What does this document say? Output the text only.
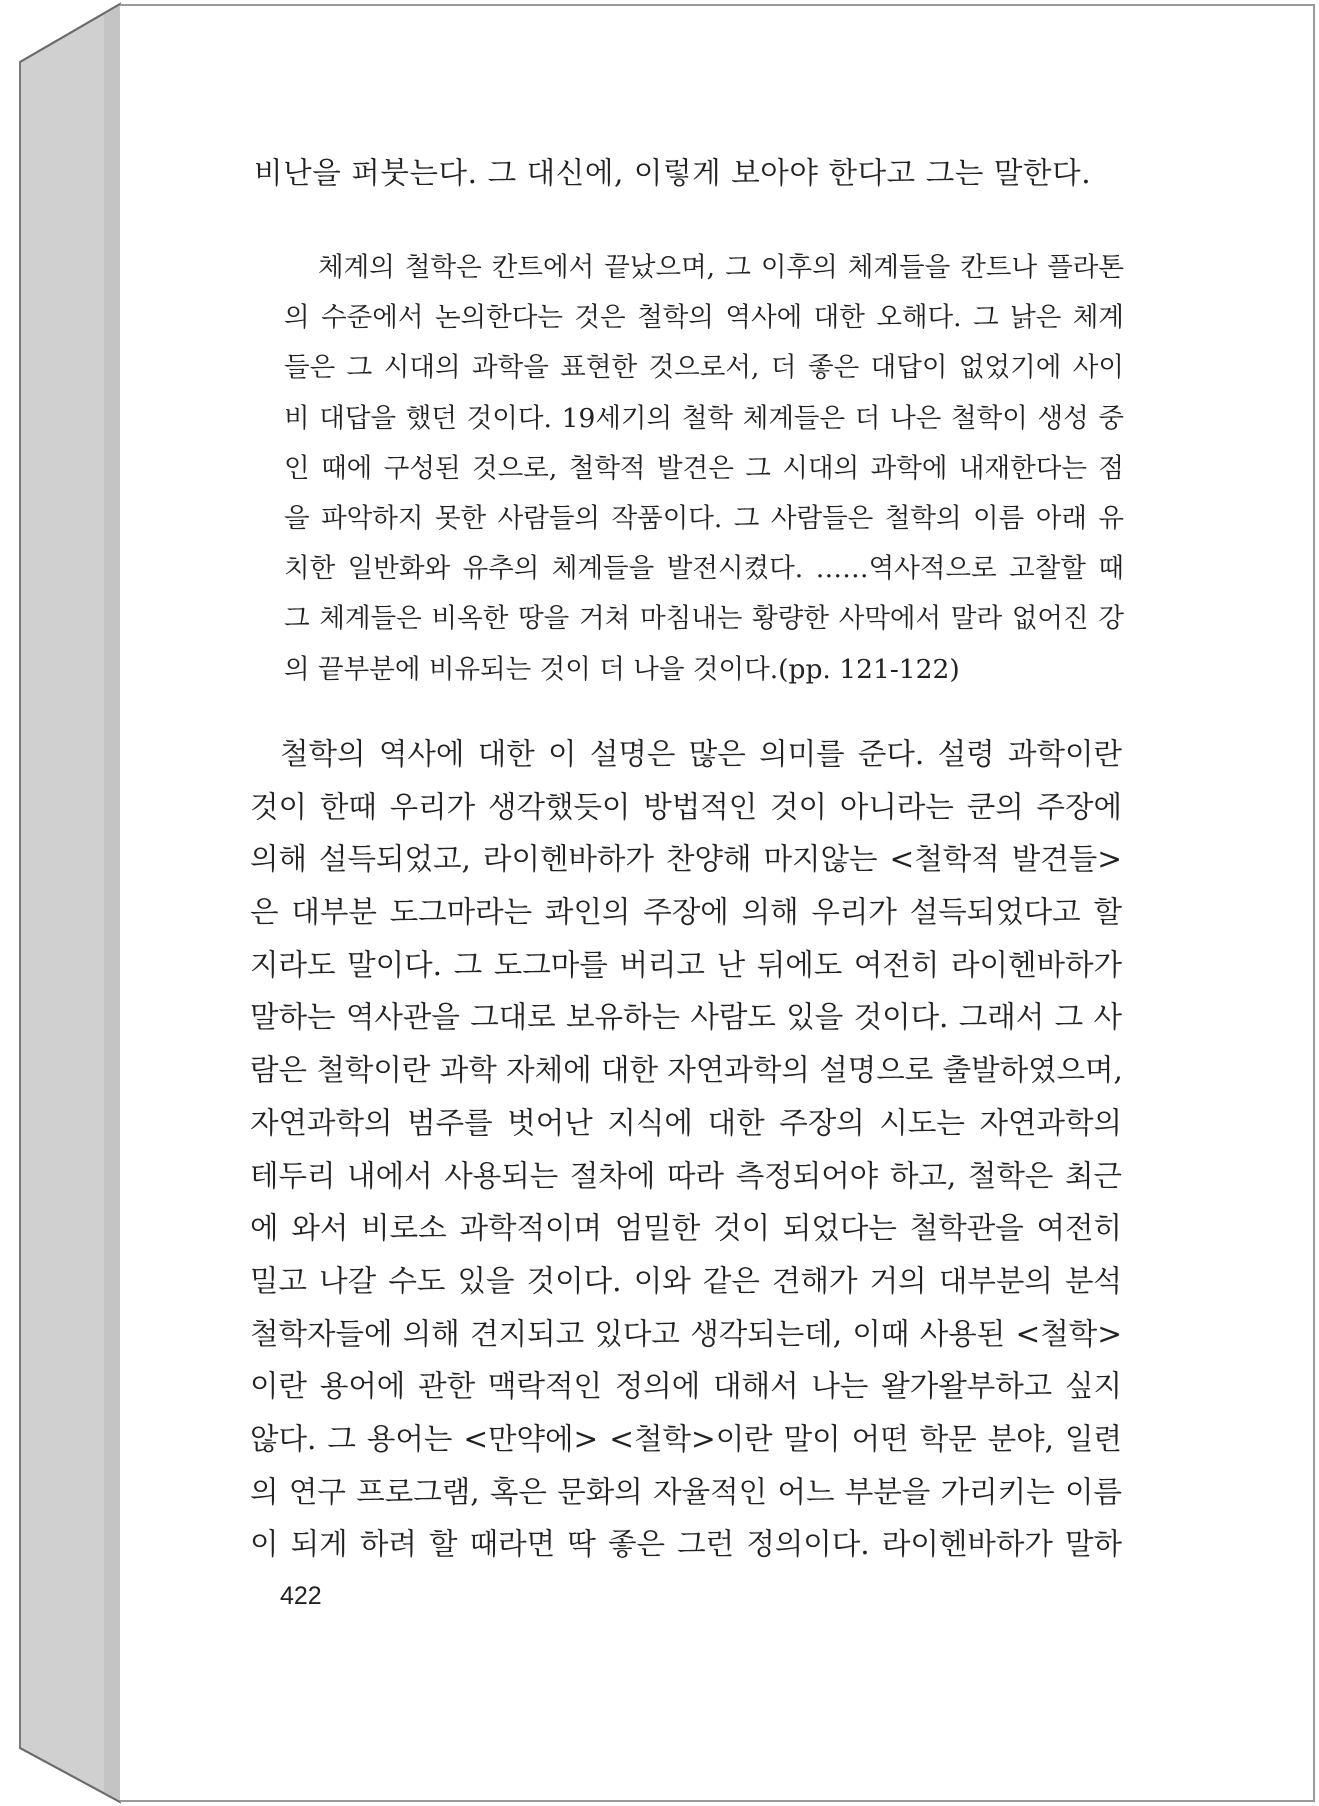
비난을 퍼붓는다. 그 대신에, 이렇게 보아야 한다고 그는 말한다.
체계의 철학은 칸트에서 끝났으며, 그 이후의 체계들을 칸트나 플라톤
의 수준에서 논의한다는 것은 철학의 역사에 대한 오해다. 그 낡은 체계
들은 그 시대의 과학을 표현한 것으로서, 더 좋은 대답이 없었기에 사이
비 대답을 했던 것이다. 19세기의 철학 체계들은 더 나은 철학이 생성 중
인 때에 구성된 것으로, 철학적 발견은 그 시대의 과학에 내재한다는 점
을 파악하지 못한 사람들의 작품이다. 그 사람들은 철학의 이름 아래 유
치한 일반화와 유추의 체계들을 발전시켰다. ……역사적으로 고찰할 때
그 체계들은 비옥한 땅을 거쳐 마침내는 황량한 사막에서 말라 없어진 강
의 끝부분에 비유되는 것이 더 나을 것이다.(pp. 121-122)
철학의 역사에 대한 이 설명은 많은 의미를 준다. 설령 과학이란
것이 한때 우리가 생각했듯이 방법적인 것이 아니라는 쿤의 주장에
의해 설득되었고, 라이헨바하가 찬양해 마지않는 <철학적 발견들>
은 대부분 도그마라는 콰인의 주장에 의해 우리가 설득되었다고 할
지라도 말이다. 그 도그마를 버리고 난 뒤에도 여전히 라이헨바하가
말하는 역사관을 그대로 보유하는 사람도 있을 것이다. 그래서 그 사
람은 철학이란 과학 자체에 대한 자연과학의 설명으로 출발하였으며,
자연과학의 범주를 벗어난 지식에 대한 주장의 시도는 자연과학의
테두리 내에서 사용되는 절차에 따라 측정되어야 하고, 철학은 최근
에 와서 비로소 과학적이며 엄밀한 것이 되었다는 철학관을 여전히
밀고 나갈 수도 있을 것이다. 이와 같은 견해가 거의 대부분의 분석
철학자들에 의해 견지되고 있다고 생각되는데, 이때 사용된 <철학>
이란 용어에 관한 맥락적인 정의에 대해서 나는 왈가왈부하고 싶지
않다. 그 용어는 <만약에> <철학>이란 말이 어떤 학문 분야, 일련
의 연구 프로그램, 혹은 문화의 자율적인 어느 부분을 가리키는 이름
이 되게 하려 할 때라면 딱 좋은 그런 정의이다. 라이헨바하가 말하
422
